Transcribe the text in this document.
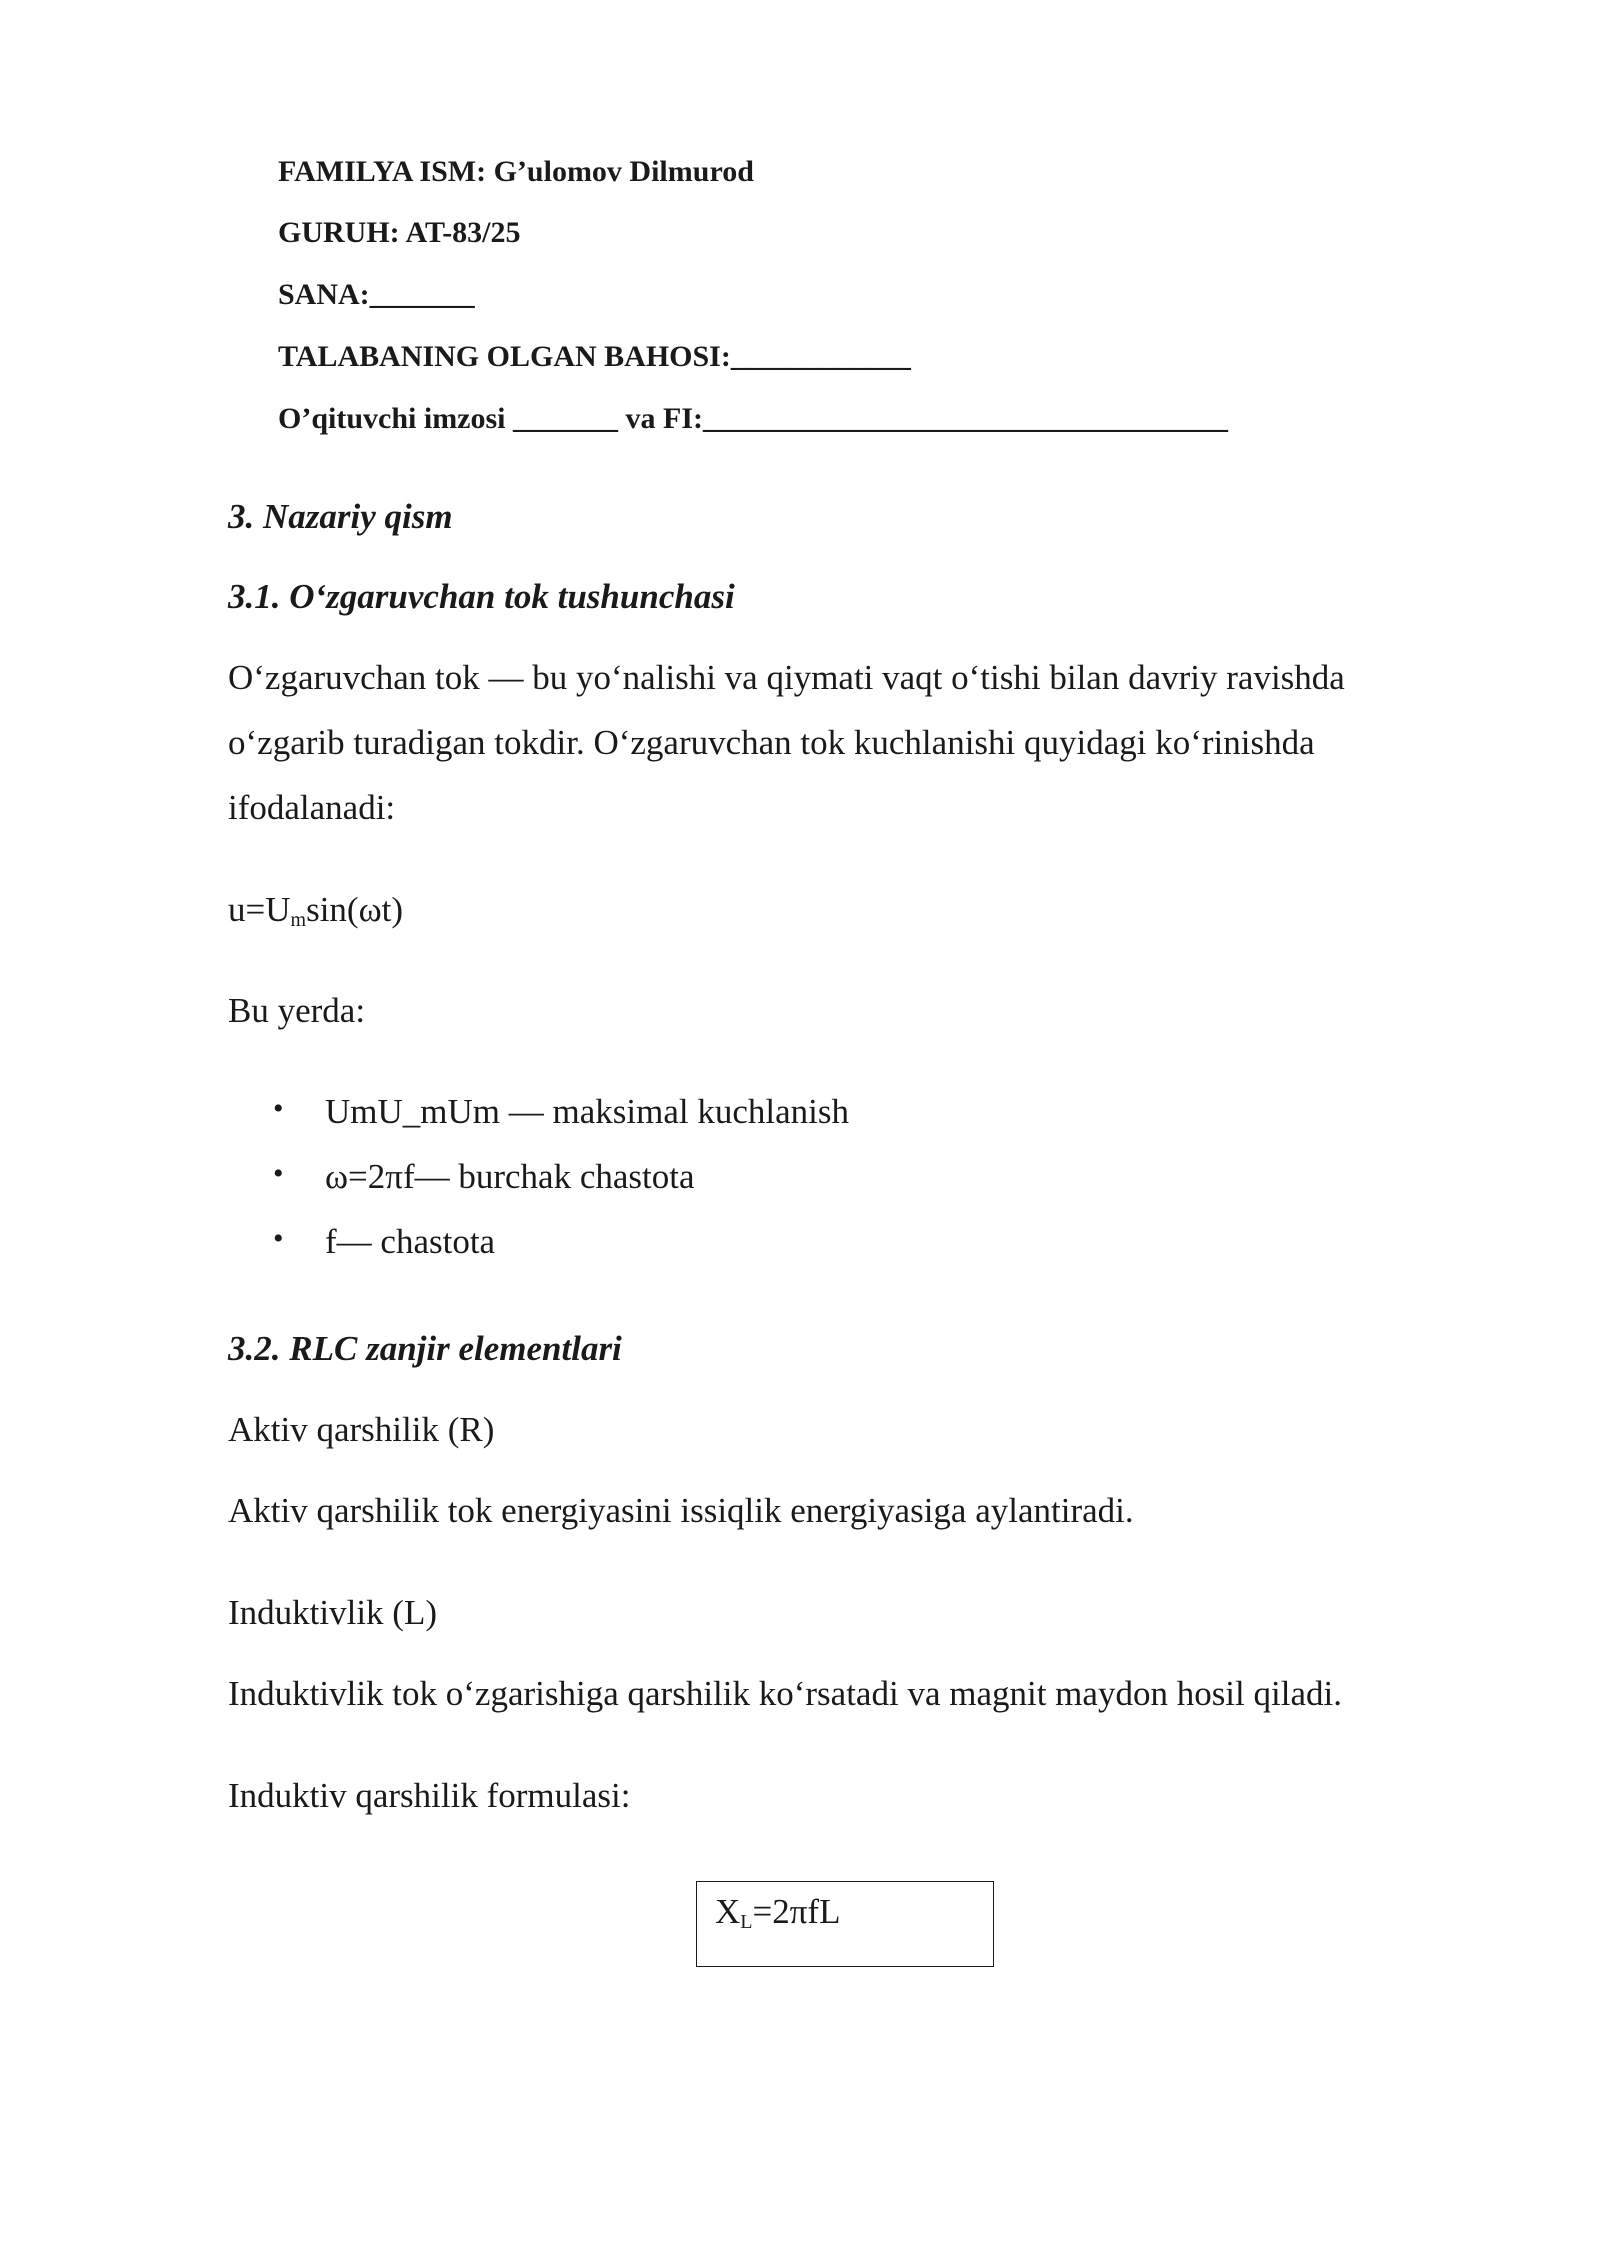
FAMILYA ISM: G’ulomov Dilmurod
GURUH: AT-83/25
SANA:_______
TALABANING OLGAN BAHOSI:____________
O’qituvchi imzosi _______ va FI:___________________________________
3. Nazariy qism
3.1. O‘zgaruvchan tok tushunchasi
O‘zgaruvchan tok — bu yo‘nalishi va qiymati vaqt o‘tishi bilan davriy ravishda
o‘zgarib turadigan tokdir. O‘zgaruvchan tok kuchlanishi quyidagi ko‘rinishda
ifodalanadi:
$u=U_m\sin(\omega t)$
Bu yerda:
• UmU_mUm — maksimal kuchlanish
• ω=2πf— burchak chastota
• f— chastota
3.2. RLC zanjir elementlari
Aktiv qarshilik (R)
Aktiv qarshilik tok energiyasini issiqlik energiyasiga aylantiradi.
Induktivlik (L)
Induktivlik tok o‘zgarishiga qarshilik ko‘rsatadi va magnit maydon hosil qiladi.
Induktiv qarshilik formulasi:
$X_L=2\pi fL$
